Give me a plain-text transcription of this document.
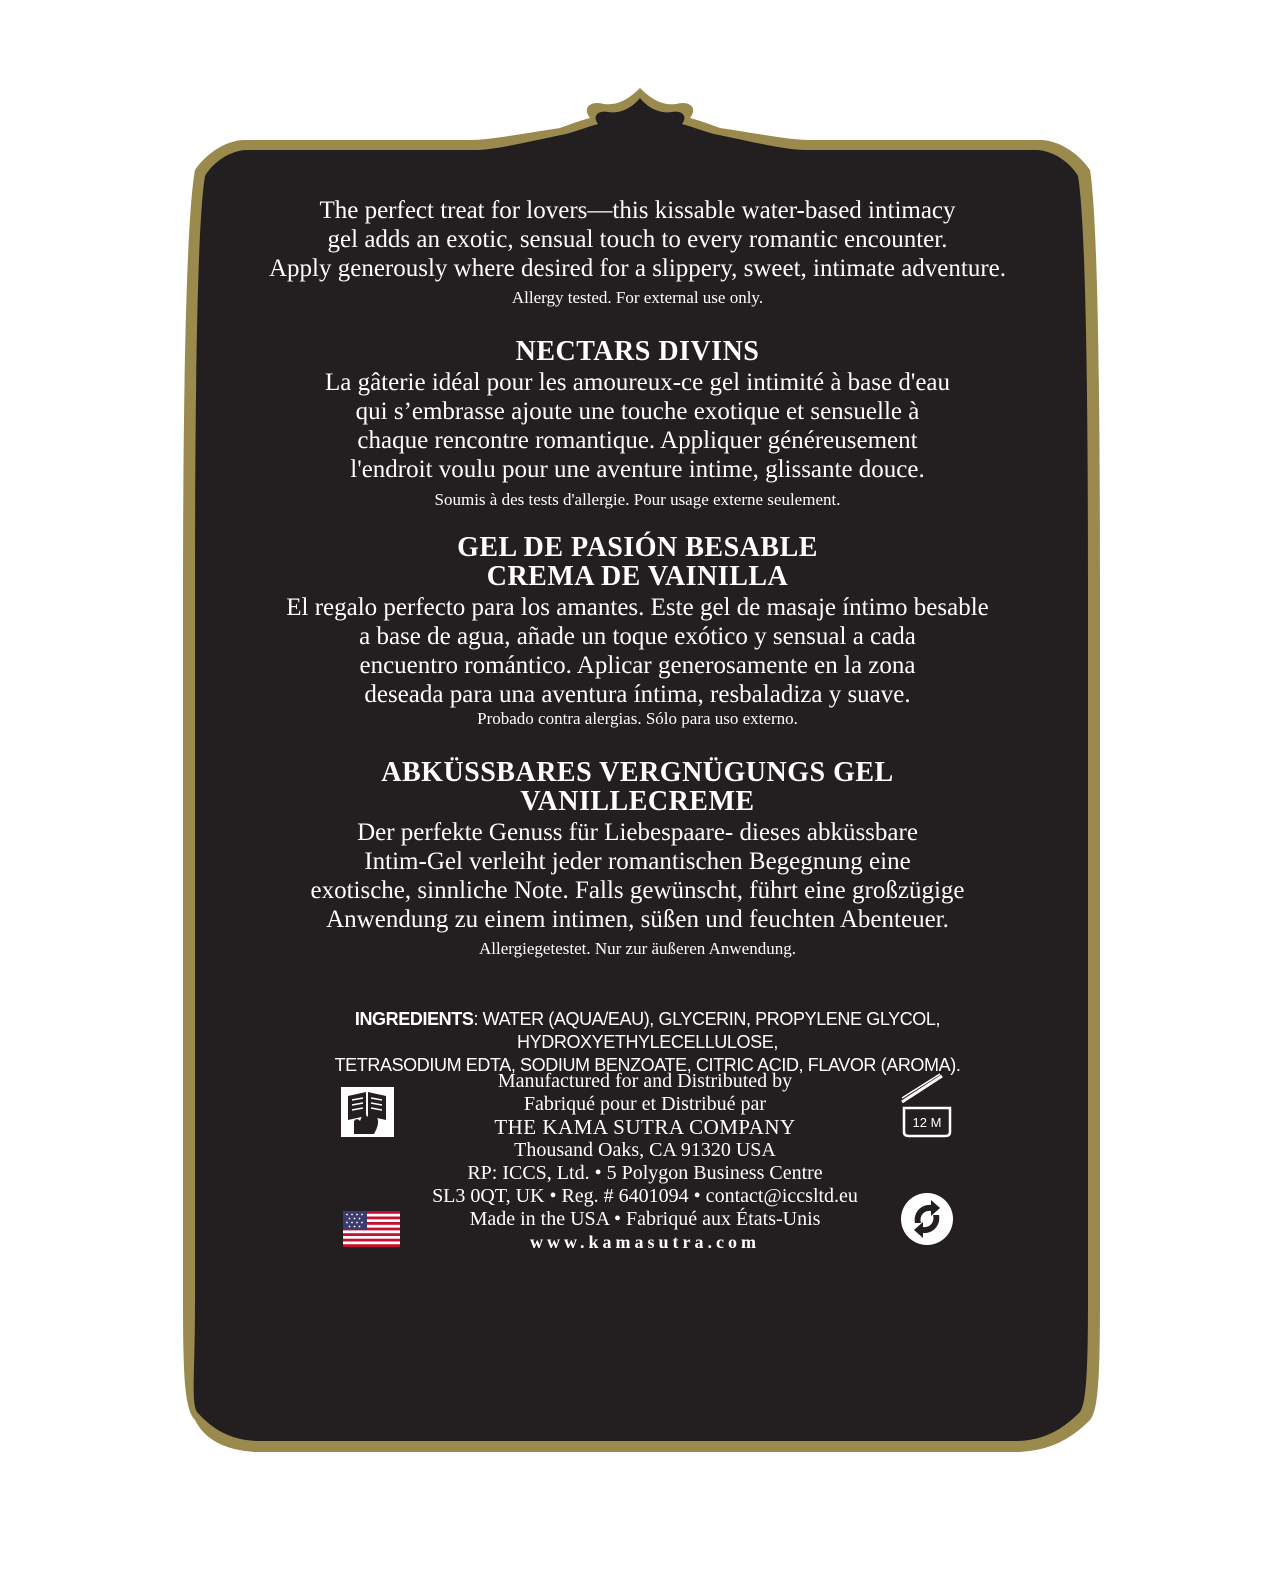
The perfect treat for lovers—this kissable water-based intimacy

gel adds an exotic, sensual touch to every romantic encounter.

Apply generously where desired for a slippery, sweet, intimate adventure.

Allergy tested. For external use only.

NECTARS DIVINS

La gâterie idéal pour les amoureux-ce gel intimité à base d'eau

qui s’embrasse ajoute une touche exotique et sensuelle à

chaque rencontre romantique. Appliquer généreusement

l'endroit voulu pour une aventure intime, glissante douce.

Soumis à des tests d'allergie. Pour usage externe seulement.

GEL DE PASIÓN BESABLE

CREMA DE VAINILLA

El regalo perfecto para los amantes. Este gel de masaje íntimo besable

a base de agua, añade un toque exótico y sensual a cada

encuentro romántico. Aplicar generosamente en la zona

deseada para una aventura íntima, resbaladiza y suave.

Probado contra alergias. Sólo para uso externo.

ABKÜSSBARES VERGNÜGUNGS GEL

VANILLECREME

Der perfekte Genuss für Liebespaare- dieses abküssbare

Intim-Gel verleiht jeder romantischen Begegnung eine

exotische, sinnliche Note. Falls gewünscht, führt eine großzügige

Anwendung zu einem intimen, süßen und feuchten Abenteuer.

Allergiegetestet. Nur zur äußeren Anwendung.

INGREDIENTS: WATER (AQUA/EAU), GLYCERIN, PROPYLENE GLYCOL, HYDROXYETHYLECELLULOSE,
TETRASODIUM EDTA, SODIUM BENZOATE, CITRIC ACID, FLAVOR (AROMA).
Manufactured for and Distributed by
Fabriqué pour et Distribué par
THE KAMA SUTRA COMPANY
Thousand Oaks, CA 91320 USA
RP: ICCS, Ltd. • 5 Polygon Business Centre
SL3 0QT, UK • Reg. # 6401094 • contact@iccsltd.eu
Made in the USA • Fabriqué aux États-Unis
www.kamasutra.com
12 M
